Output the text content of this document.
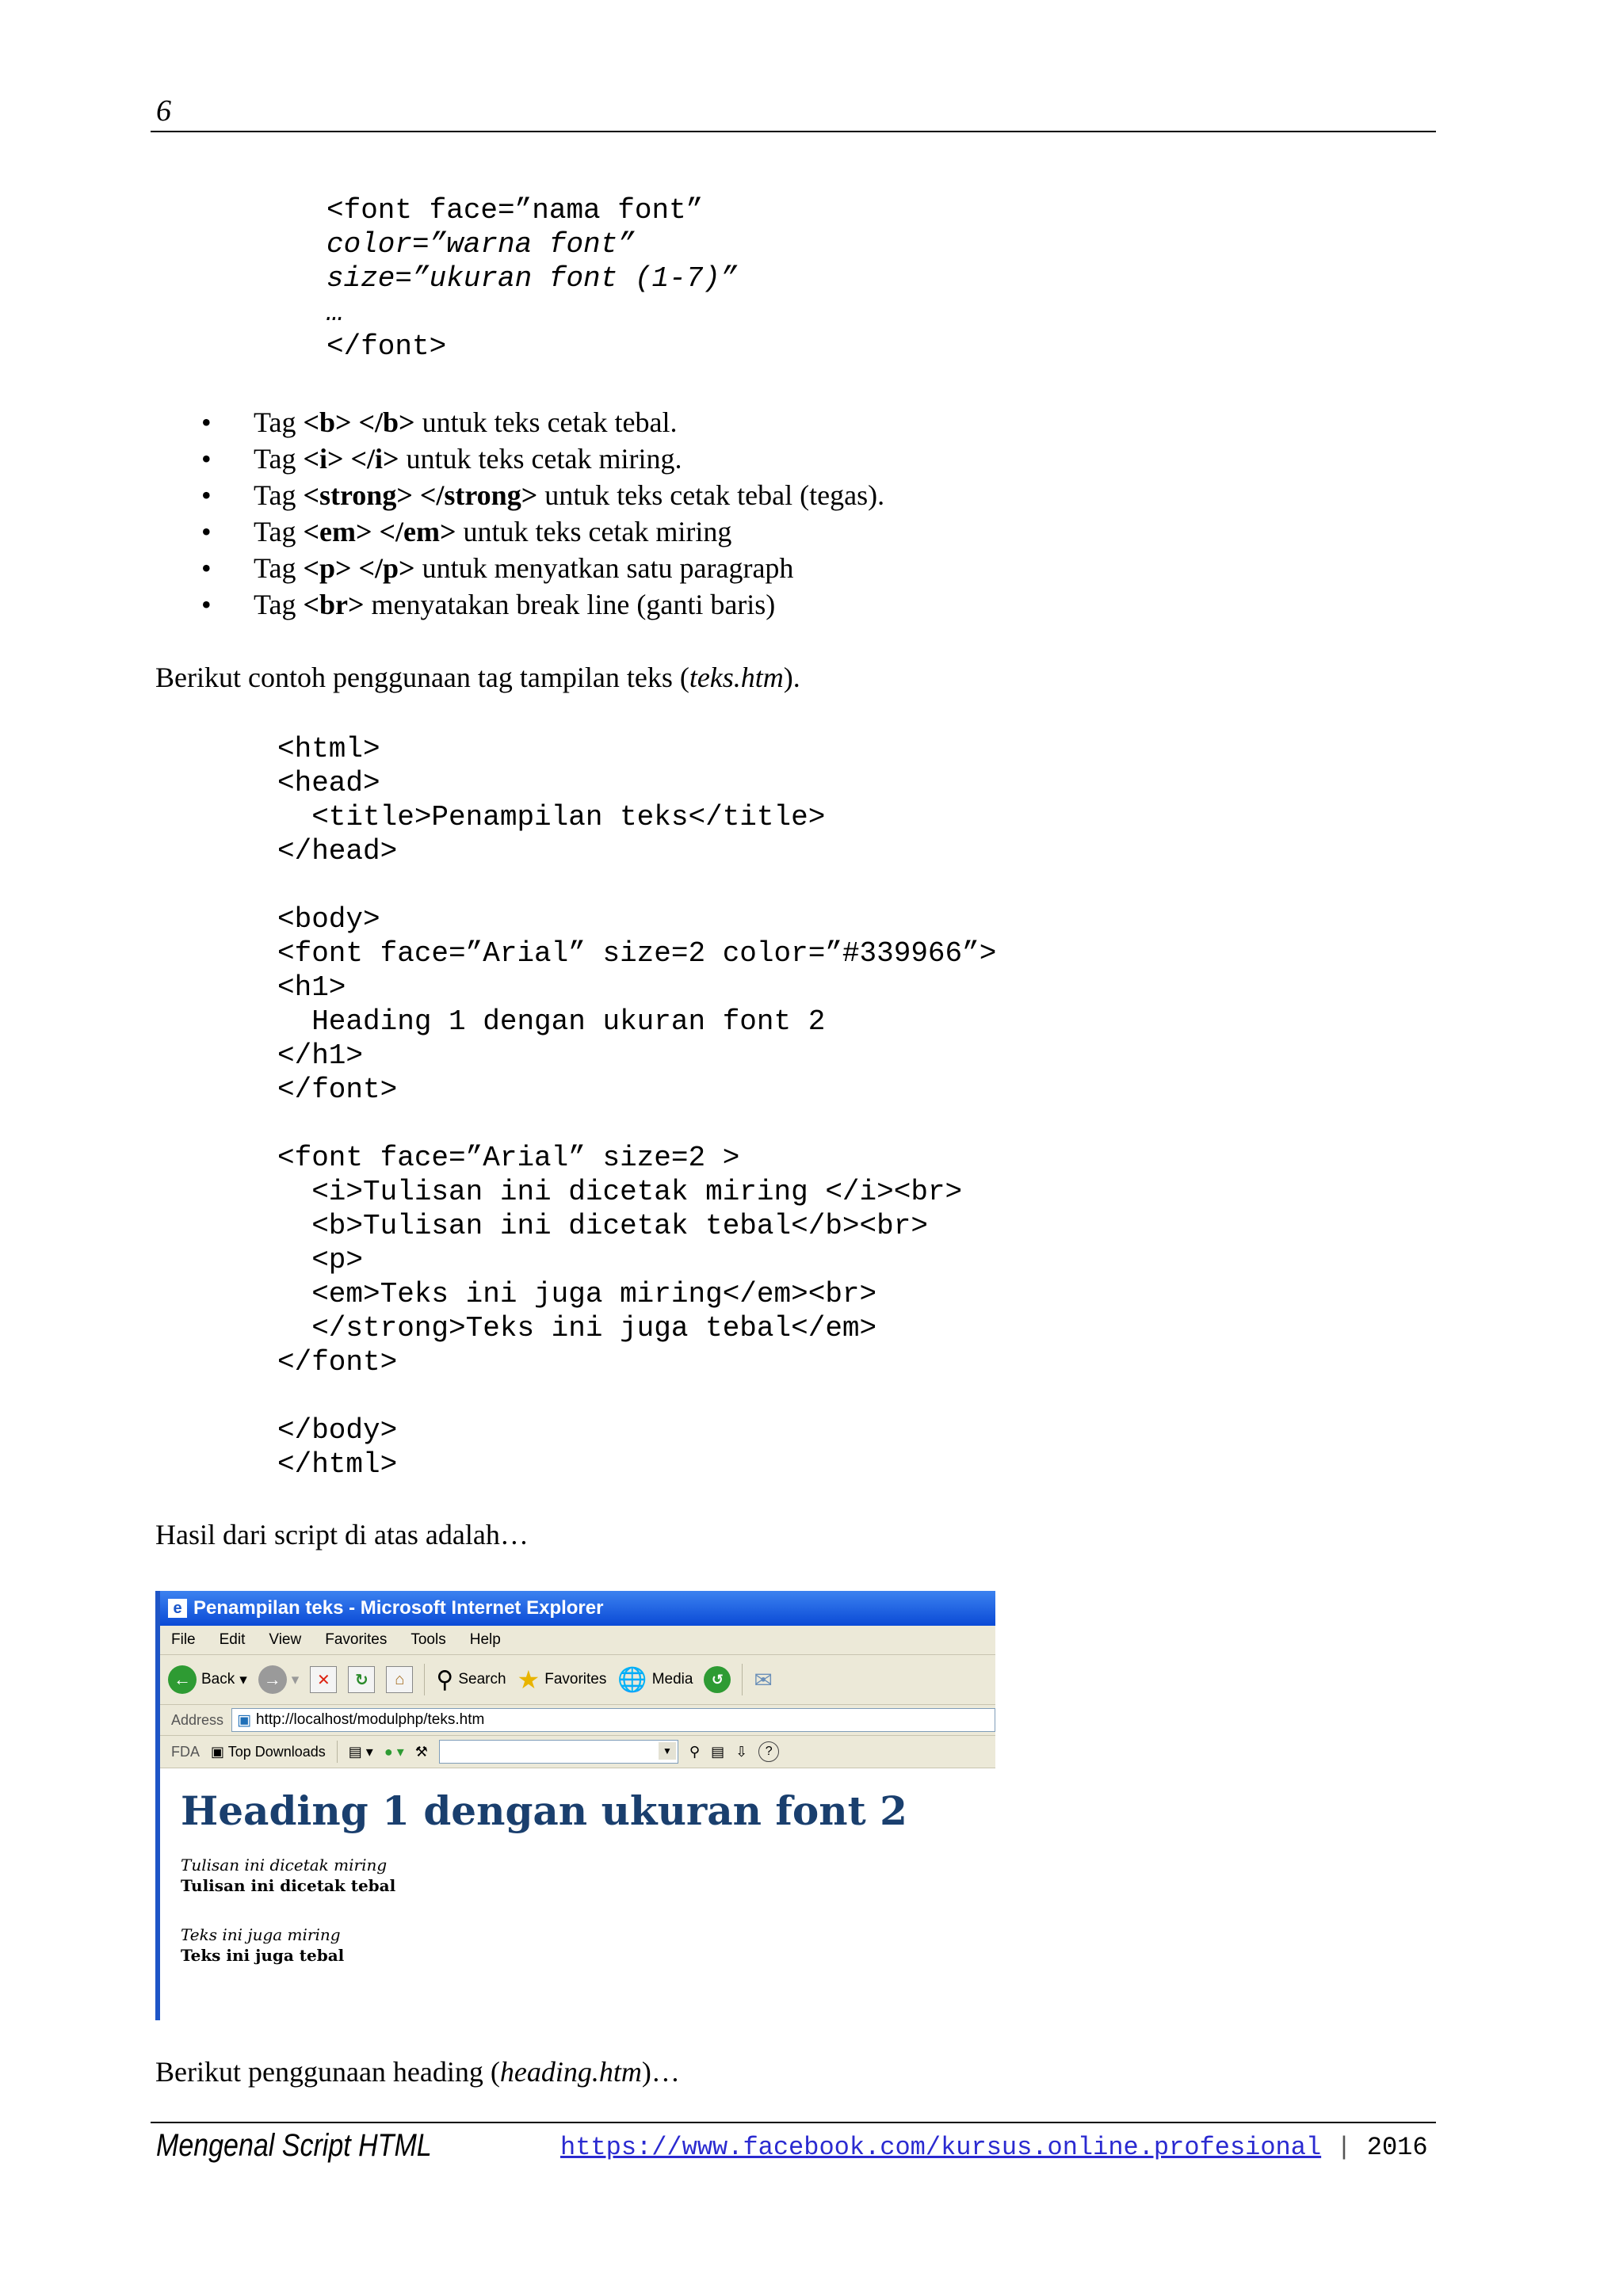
6
<font face=”nama font”
color=”warna font”
size=”ukuran font (1-7)”
…
</font>
• Tag <b> </b> untuk teks cetak tebal.
• Tag <i> </i> untuk teks cetak miring.
• Tag <strong> </strong> untuk teks cetak tebal (tegas).
• Tag <em> </em> untuk teks cetak miring
• Tag <p> </p> untuk menyatkan satu paragraph
• Tag <br> menyatakan break line (ganti baris)
Berikut contoh penggunaan tag tampilan teks (teks.htm).
<html>
<head>
<title>Penampilan teks</title>
</head>
<body>
<font face=”Arial” size=2 color=”#339966”>
<h1>
Heading 1 dengan ukuran font 2
</h1>
</font>
<font face=”Arial” size=2 >
<i>Tulisan ini dicetak miring </i><br>
<b>Tulisan ini dicetak tebal</b><br>
<p>
<em>Teks ini juga miring</em><br>
</strong>Teks ini juga tebal</em>
</font>
</body>
</html>
Hasil dari script di atas adalah…
e Penampilan teks - Microsoft Internet Explorer
File Edit View Favorites Tools Help
← Back ▾ → ▾	✕	↻	⌂	⚲ Search ★ Favorites 🌐 Media	↺	✉
Address ▣ http://localhost/modulphp/teks.htm
FDA ▣ Top Downloads ▤ ▾ ● ▾ ⚒
▼	⚲ ▤ ⇩	?
Heading 1 dengan ukuran font 2
Tulisan ini dicetak miring
Tulisan ini dicetak tebal
Teks ini juga miring
Teks ini juga tebal
Berikut penggunaan heading (heading.htm)…
Mengenal Script HTML	https://www.facebook.com/kursus.online.profesional | 2016
